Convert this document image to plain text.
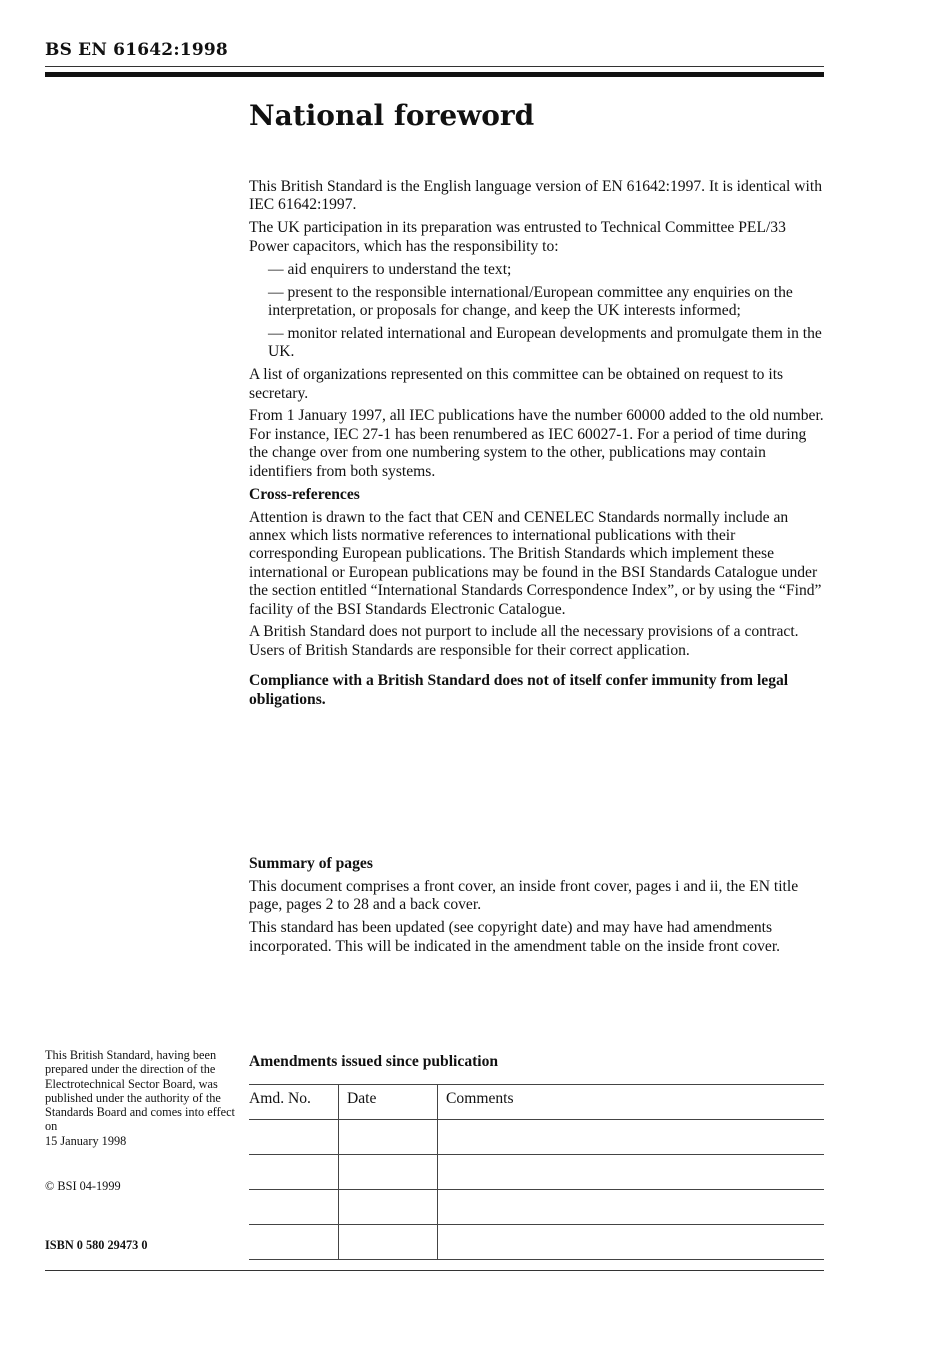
BS EN 61642:1998
National foreword

This British Standard is the English language version of EN 61642:1997. It is identical with IEC 61642:1997.

The UK participation in its preparation was entrusted to Technical Committee PEL/33 Power capacitors, which has the responsibility to:

— aid enquirers to understand the text;

— present to the responsible international/European committee any enquiries on the interpretation, or proposals for change, and keep the UK interests informed;

— monitor related international and European developments and promulgate them in the UK.

A list of organizations represented on this committee can be obtained on request to its secretary.

From 1 January 1997, all IEC publications have the number 60000 added to the old number. For instance, IEC 27-1 has been renumbered as IEC 60027-1. For a period of time during the change over from one numbering system to the other, publications may contain identifiers from both systems.

Cross-references

Attention is drawn to the fact that CEN and CENELEC Standards normally include an annex which lists normative references to international publications with their corresponding European publications. The British Standards which implement these international or European publications may be found in the BSI Standards Catalogue under the section entitled “International Standards Correspondence Index”, or by using the “Find” facility of the BSI Standards Electronic Catalogue.

A British Standard does not purport to include all the necessary provisions of a contract. Users of British Standards are responsible for their correct application.

Compliance with a British Standard does not of itself confer immunity from legal obligations.

Summary of pages

This document comprises a front cover, an inside front cover, pages i and ii, the EN title page, pages 2 to 28 and a back cover.

This standard has been updated (see copyright date) and may have had amendments incorporated. This will be indicated in the amendment table on the inside front cover.

This British Standard, having been prepared under the direction of the Electrotechnical Sector Board, was published under the authority of the Standards Board and comes into effect on

15 January 1998

© BSI 04-1999
ISBN 0 580 29473 0
Amendments issued since publication
Amd. No.	Date	Comments
